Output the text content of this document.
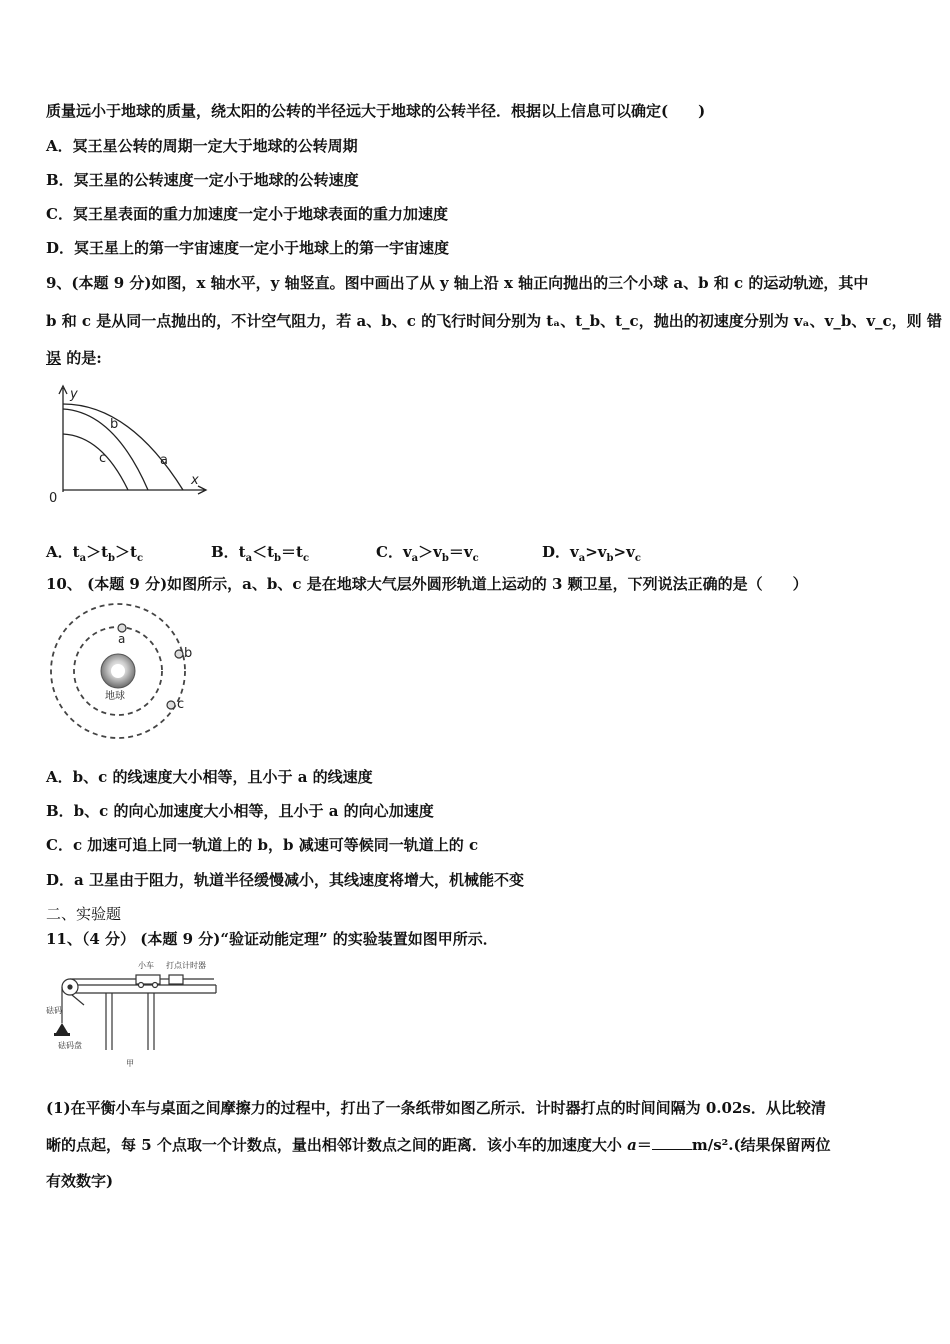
质量远小于地球的质量，绕太阳的公转的半径远大于地球的公转半径．根据以上信息可以确定(　　)
A．冥王星公转的周期一定大于地球的公转周期
B．冥王星的公转速度一定小于地球的公转速度
C．冥王星表面的重力加速度一定小于地球表面的重力加速度
D．冥王星上的第一宇宙速度一定小于地球上的第一宇宙速度
9、(本题 9 分)如图，x 轴水平，y 轴竖直。图中画出了从 y 轴上沿 x 轴正向抛出的三个小球 a、b 和 c 的运动轨迹，其中
b 和 c 是从同一点抛出的，不计空气阻力，若 a、b、c 的飞行时间分别为 tₐ、t_b、t_c，抛出的初速度分别为 vₐ、v_b、v_c，则 错
误 的是:
y
x
0
b
c	a
A．$t_a>t_b>t_c$	B．$t_a<t_b=t_c$	C．$v_a>v_b=v_c$	D．$v_a>v_b>v_c$
10、 (本题 9 分)如图所示，a、b、c 是在地球大气层外圆形轨道上运动的 3 颗卫星，下列说法正确的是（　　）
地球
a
b
c
A．b、c 的线速度大小相等，且小于 a 的线速度
B．b、c 的向心加速度大小相等，且小于 a 的向心加速度
C．c 加速可追上同一轨道上的 b，b 减速可等候同一轨道上的 c
D．a 卫星由于阻力，轨道半径缓慢减小，其线速度将增大，机械能不变
二、实验题
11、（4 分） (本题 9 分)“验证动能定理” 的实验装置如图甲所示．
小车 打点计时器
砝码
砝码盘
甲
(1)在平衡小车与桌面之间摩擦力的过程中，打出了一条纸带如图乙所示．计时器打点的时间间隔为 0.02s．从比较清
晰的点起，每 5 个点取一个计数点，量出相邻计数点之间的距离．该小车的加速度大小 a＝	m/s².(结果保留两位
有效数字)
